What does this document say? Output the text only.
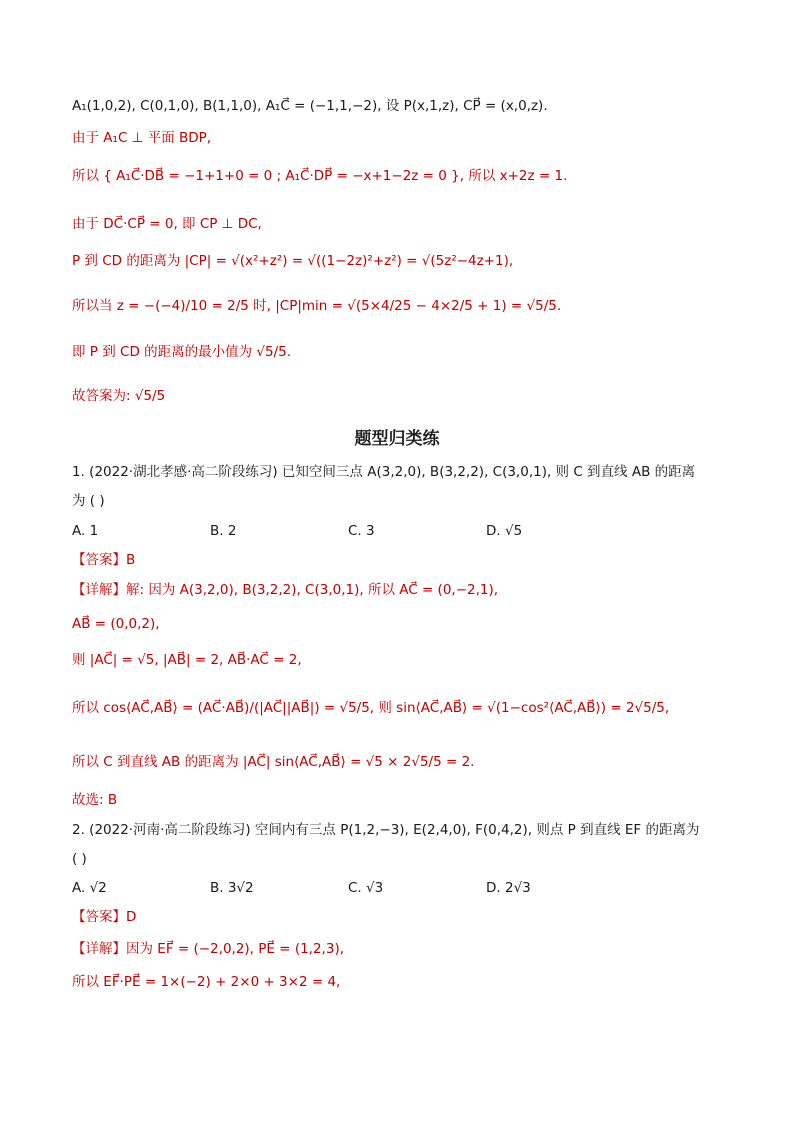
A₁(1,0,2), C(0,1,0), B(1,1,0), A₁C⃗ = (−1,1,−2), 设 P(x,1,z), CP⃗ = (x,0,z).
由于 A₁C ⊥ 平面 BDP,
所以 { A₁C⃗·DB⃗ = −1+1+0 = 0 ; A₁C⃗·DP⃗ = −x+1−2z = 0 }, 所以 x+2z = 1.
由于 DC⃗·CP⃗ = 0, 即 CP ⊥ DC,
P 到 CD 的距离为 |CP| = √(x²+z²) = √((1−2z)²+z²) = √(5z²−4z+1),
所以当 z = −(−4)/10 = 2/5 时, |CP|min = √(5×4/25 − 4×2/5 + 1) = √5/5.
即 P 到 CD 的距离的最小值为 √5/5.
故答案为: √5/5
题型归类练
1. (2022·湖北孝感·高二阶段练习) 已知空间三点 A(3,2,0), B(3,2,2), C(3,0,1), 则 C 到直线 AB 的距离
为 ( )
A. 1	B. 2	C. 3	D. √5
【答案】B
【详解】解: 因为 A(3,2,0), B(3,2,2), C(3,0,1), 所以 AC⃗ = (0,−2,1),
AB⃗ = (0,0,2),
则 |AC⃗| = √5, |AB⃗| = 2, AB⃗·AC⃗ = 2,
所以 cos⟨AC⃗,AB⃗⟩ = (AC⃗·AB⃗)/(|AC⃗||AB⃗|) = √5/5, 则 sin⟨AC⃗,AB⃗⟩ = √(1−cos²⟨AC⃗,AB⃗⟩) = 2√5/5,
所以 C 到直线 AB 的距离为 |AC⃗| sin⟨AC⃗,AB⃗⟩ = √5 × 2√5/5 = 2.
故选: B
2. (2022·河南·高二阶段练习) 空间内有三点 P(1,2,−3), E(2,4,0), F(0,4,2), 则点 P 到直线 EF 的距离为
( )
A. √2	B. 3√2	C. √3	D. 2√3
【答案】D
【详解】因为 EF⃗ = (−2,0,2), PE⃗ = (1,2,3),
所以 EF⃗·PE⃗ = 1×(−2) + 2×0 + 3×2 = 4,
